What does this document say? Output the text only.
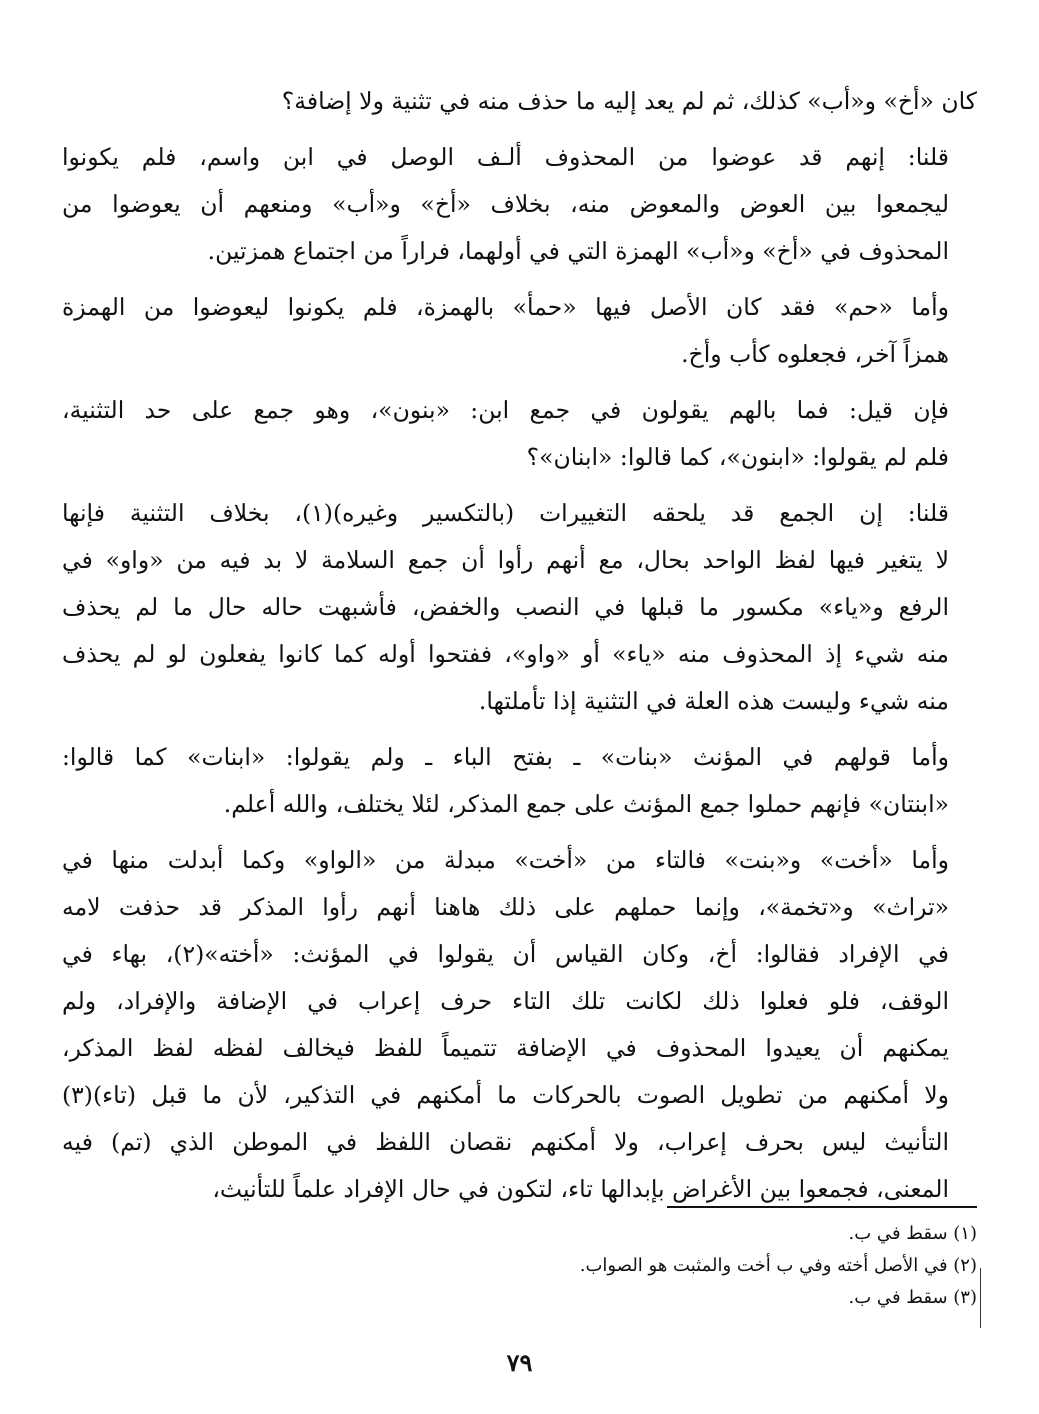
كان «أخ» و«أب» كذلك، ثم لم يعد إليه ما حذف منه في تثنية ولا إضافة؟

قلنا: إنهم قد عوضوا من المحذوف ألـف الوصل في ابن واسم، فلم يكونوا
ليجمعوا بين العوض والمعوض منه، بخلاف «أخ» و«أب» ومنعهم أن يعوضوا من
المحذوف في «أخ» و«أب» الهمزة التي في أولهما، فراراً من اجتماع همزتين.

وأما «حم» فقد كان الأصل فيها «حمأ» بالهمزة، فلم يكونوا ليعوضوا من الهمزة
همزاً آخر، فجعلوه كأب وأخ.

فإن قيل: فما بالهم يقولون في جمع ابن: «بنون»، وهو جمع على حد التثنية،
فلم لم يقولوا: «ابنون»، كما قالوا: «ابنان»؟

قلنا: إن الجمع قد يلحقه التغييرات (بالتكسير وغيره)(١)، بخلاف التثنية فإنها
لا يتغير فيها لفظ الواحد بحال، مع أنهم رأوا أن جمع السلامة لا بد فيه من «واو» في
الرفع و«ياء» مكسور ما قبلها في النصب والخفض، فأشبهت حاله حال ما لم يحذف
منه شيء إذ المحذوف منه «ياء» أو «واو»، ففتحوا أوله كما كانوا يفعلون لو لم يحذف
منه شيء وليست هذه العلة في التثنية إذا تأملتها.

وأما قولهم في المؤنث «بنات» ـ بفتح الباء ـ ولم يقولوا: «ابنات» كما قالوا:
«ابنتان» فإنهم حملوا جمع المؤنث على جمع المذكر، لئلا يختلف، والله أعلم.

وأما «أخت» و«بنت» فالتاء من «أخت» مبدلة من «الواو» وكما أبدلت منها في
«تراث» و«تخمة»، وإنما حملهم على ذلك هاهنا أنهم رأوا المذكر قد حذفت لامه
في الإفراد فقالوا: أخ، وكان القياس أن يقولوا في المؤنث: «أخته»(٢)، بهاء في
الوقف، فلو فعلوا ذلك لكانت تلك التاء حرف إعراب في الإضافة والإفراد، ولم
يمكنهم أن يعيدوا المحذوف في الإضافة تتميماً للفظ فيخالف لفظه لفظ المذكر،
ولا أمكنهم من تطويل الصوت بالحركات ما أمكنهم في التذكير، لأن ما قبل (تاء)(٣)
التأنيث ليس بحرف إعراب، ولا أمكنهم نقصان اللفظ في الموطن الذي (تم) فيه
المعنى، فجمعوا بين الأغراض بإبدالها تاء، لتكون في حال الإفراد علماً للتأنيث،

(١) سقط في ب.
(٢) في الأصل أخته وفي ب أخت والمثبت هو الصواب.
(٣) سقط في ب.
٧٩
